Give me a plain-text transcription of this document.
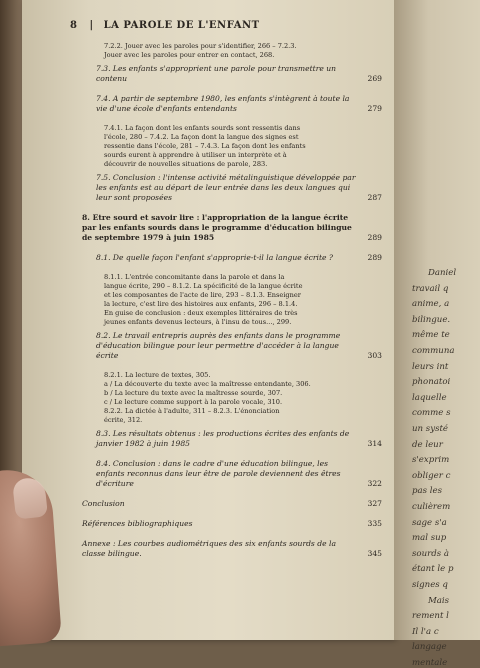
8 | LA PAROLE DE L'ENFANT
7.2.2. Jouer avec les paroles pour s'identifier, 266 – 7.2.3.
Jouer avec les paroles pour entrer en contact, 268.
7.3. Les enfants s'approprient une parole pour transmettre un contenu	269
7.4. A partir de septembre 1980, les enfants s'intègrent à toute la vie d'une école d'enfants entendants	279
7.4.1. La façon dont les enfants sourds sont ressentis dans
l'école, 280 – 7.4.2. La façon dont la langue des signes est
ressentie dans l'école, 281 – 7.4.3. La façon dont les enfants
sourds eurent à apprendre à utiliser un interprète et à
découvrir de nouvelles situations de parole, 283.
7.5. Conclusion : l'intense activité métalinguistique développée par les enfants est au départ de leur entrée dans les deux langues qui leur sont proposées	287
8. Etre sourd et savoir lire : l'appropriation de la langue écrite par les enfants sourds dans le programme d'éducation bilingue de septembre 1979 à juin 1985	289
8.1. De quelle façon l'enfant s'approprie-t-il la langue écrite ?	289
8.1.1. L'entrée concomitante dans la parole et dans la
langue écrite, 290 – 8.1.2. La spécificité de la langue écrite
et les composantes de l'acte de lire, 293 – 8.1.3. Enseigner
la lecture, c'est lire des histoires aux enfants, 296 – 8.1.4.
En guise de conclusion : deux exemples littéraires de très
jeunes enfants devenus lecteurs, à l'insu de tous..., 299.
8.2. Le travail entrepris auprès des enfants dans le programme d'éducation bilingue pour leur permettre d'accéder à la langue écrite	303
8.2.1. La lecture de textes, 305.
a / La découverte du texte avec la maîtresse entendante, 306.
b / La lecture du texte avec la maîtresse sourde, 307.
c / Le lecture comme support à la parole vocale, 310.
8.2.2. La dictée à l'adulte, 311 – 8.2.3. L'énonciation
écrite, 312.
8.3. Les résultats obtenus : les productions écrites des enfants de janvier 1982 à juin 1985	314
8.4. Conclusion : dans le cadre d'une éducation bilingue, les enfants reconnus dans leur être de parole deviennent des êtres d'écriture	322
Conclusion	327
Références bibliographiques	335
Annexe : Les courbes audiométriques des six enfants sourds de la classe bilingue.	345
Daniel
travail q
anime, a
bilingue.
même te
communa
leurs int
phonatoi
laquelle
comme s
un systé
de leur
s'exprim
obliger c
pas les
culièrem
sage s'a
mal sup
sourds à
étant le p
signes q
Mais
rement l
Il l'a c
langage
mentale
